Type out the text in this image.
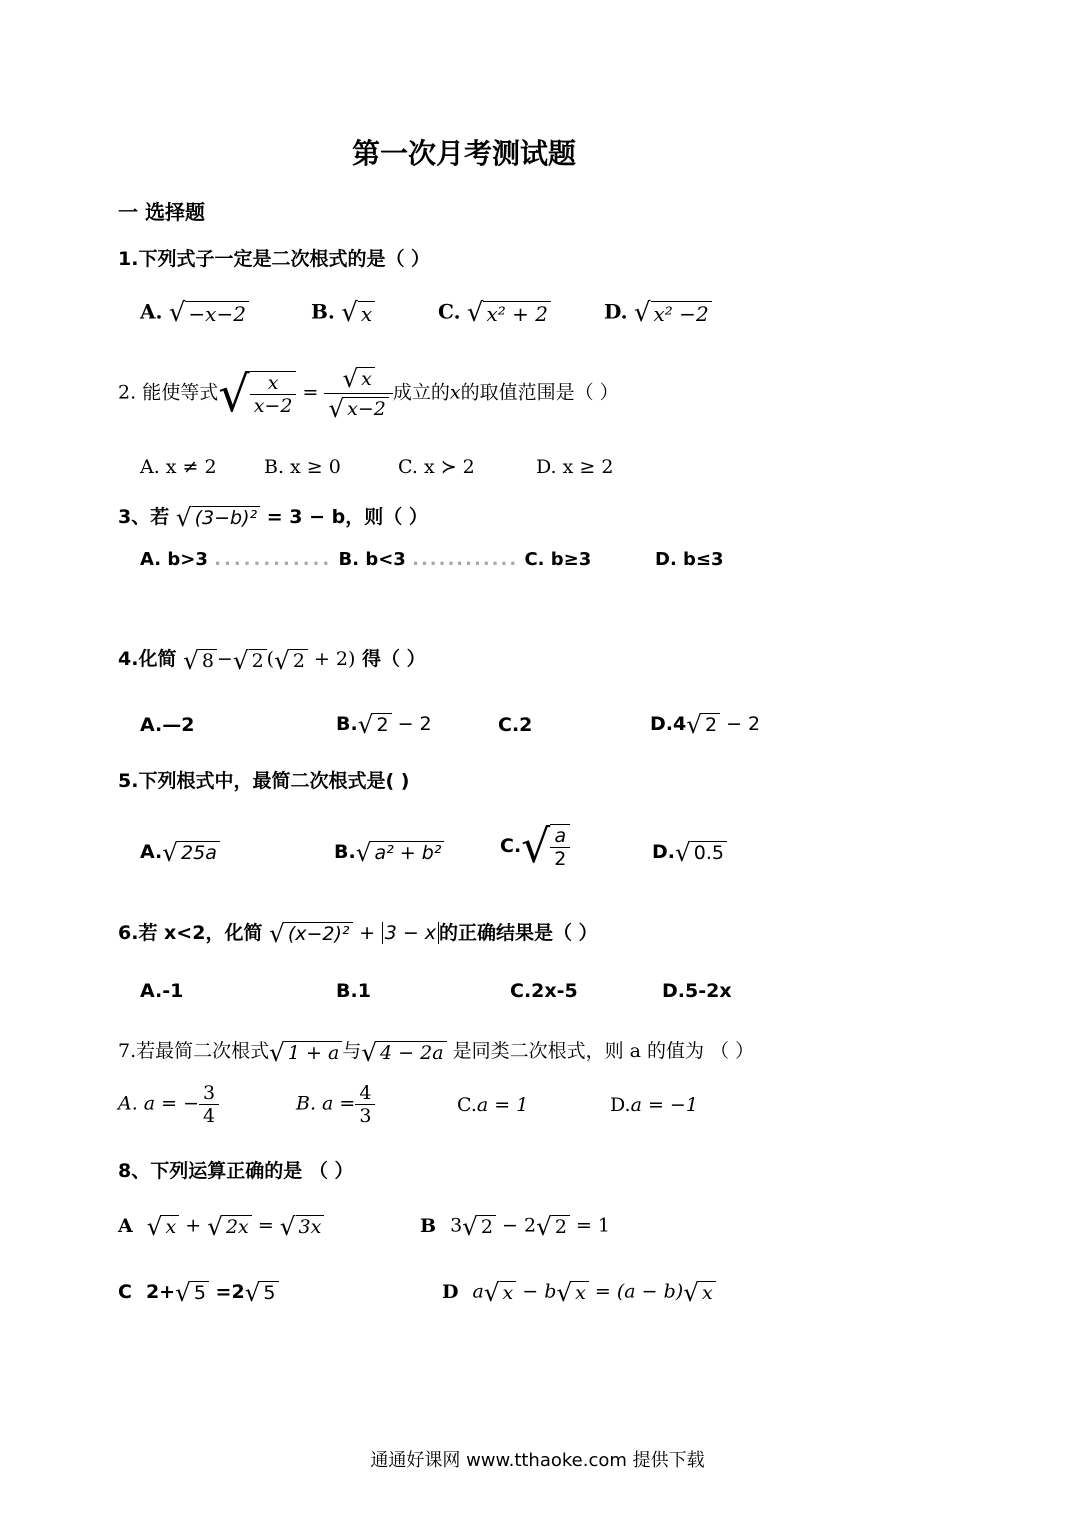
第一次月考测试题
一 选择题
1.下列式子一定是二次根式的是（ ）
A. √ −x−2	B. √ x	C. √ x² + 2	D. √ x² −2
2. 能使等式√ $\frac{x}{x-2} = \frac{√ x}{√ x-2}$ 成立的x的取值范围是（ ）
A. x ≠ 2 B. x ≥ 0	C. x ≻ 2	D. x ≥ 2
3、若 √ (3−b)² = 3 − b，则（ ）
A. b>3 ............ B. b<3 ............ C. b≥3	D. b≤3
4.化简 √ 8 −√ 2 (√ 2 + 2) 得（ ）
A.—2	B.√ 2 − 2	C.2	D.4√ 2 − 2
5.下列根式中，最简二次根式是( )
A.√ 25a	B.√ a² + b²	$C.√ \frac{a}{2}$	D.√ 0.5
6.若 x<2，化简 √ (x−2)² + 3 − x 的正确结果是（ ）
A.-1	B.1	C.2x-5	D.5-2x
7.若最简二次根式√ 1 + a 与√ 4 − 2a 是同类二次根式，则 a 的值为 （ ）
A. a = − $\frac{3}{4}$	B. $a = \frac{4}{3}$	C.a = 1	D.a = −1
8、下列运算正确的是 （ ）
A √ x + √ 2x = √ 3x	B 3√ 2 − 2√ 2 = 1
C 2+√ 5 =2√ 5	D a√ x − b√ x = (a − b)√ x
通通好课网 www.tthaoke.com 提供下载
